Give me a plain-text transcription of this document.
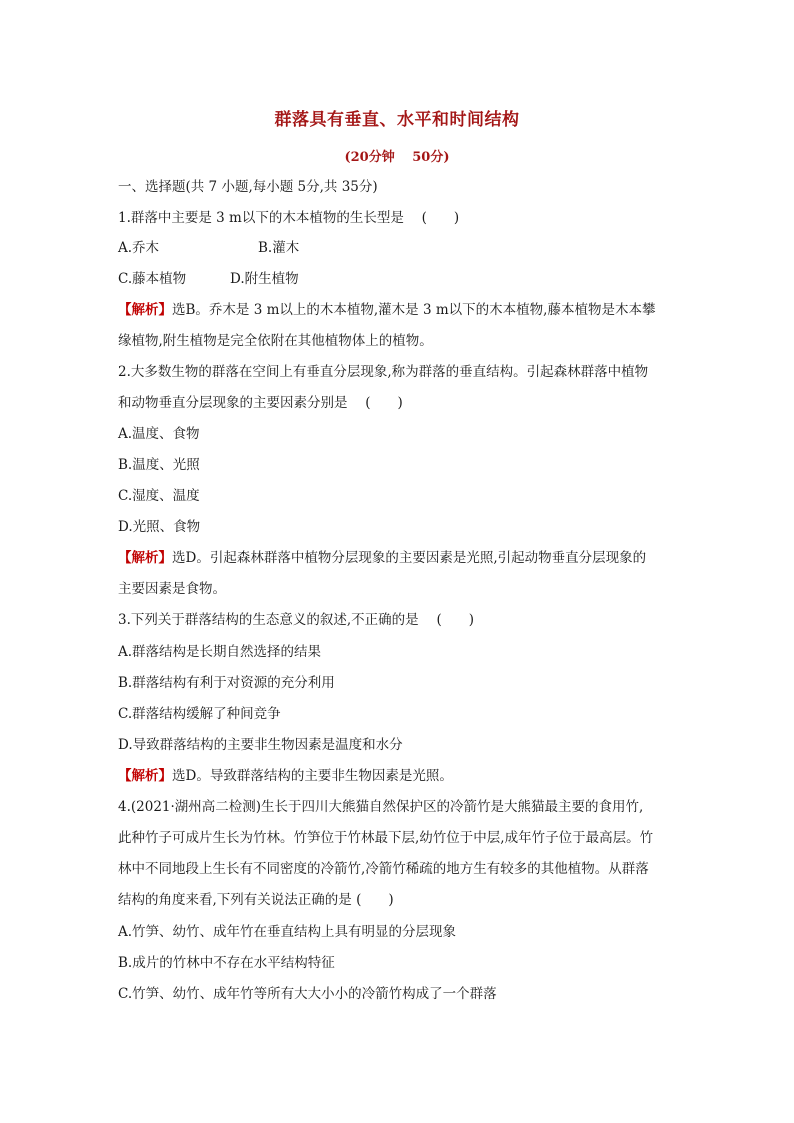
群落具有垂直、水平和时间结构
(20分钟　 50分)
一、选择题(共 7 小题,每小题 5分,共 35分)
1.群落中主要是 3 m以下的木本植物的生长型是　 (　　)
A.乔木	B.灌木
C.藤本植物	D.附生植物
【解析】选B。乔木是 3 m以上的木本植物,灌木是 3 m以下的木本植物,藤本植物是木本攀
缘植物,附生植物是完全依附在其他植物体上的植物。
2.大多数生物的群落在空间上有垂直分层现象,称为群落的垂直结构。引起森林群落中植物
和动物垂直分层现象的主要因素分别是　 (　　)
A.温度、食物
B.温度、光照
C.湿度、温度
D.光照、食物
【解析】选D。引起森林群落中植物分层现象的主要因素是光照,引起动物垂直分层现象的
主要因素是食物。
3.下列关于群落结构的生态意义的叙述,不正确的是　 (　　)
A.群落结构是长期自然选择的结果
B.群落结构有利于对资源的充分利用
C.群落结构缓解了种间竞争
D.导致群落结构的主要非生物因素是温度和水分
【解析】选D。导致群落结构的主要非生物因素是光照。
4.(2021·湖州高二检测)生长于四川大熊猫自然保护区的冷箭竹是大熊猫最主要的食用竹,
此种竹子可成片生长为竹林。竹笋位于竹林最下层,幼竹位于中层,成年竹子位于最高层。竹
林中不同地段上生长有不同密度的冷箭竹,冷箭竹稀疏的地方生有较多的其他植物。从群落
结构的角度来看,下列有关说法正确的是 (　　)
A.竹笋、幼竹、成年竹在垂直结构上具有明显的分层现象
B.成片的竹林中不存在水平结构特征
C.竹笋、幼竹、成年竹等所有大大小小的冷箭竹构成了一个群落
